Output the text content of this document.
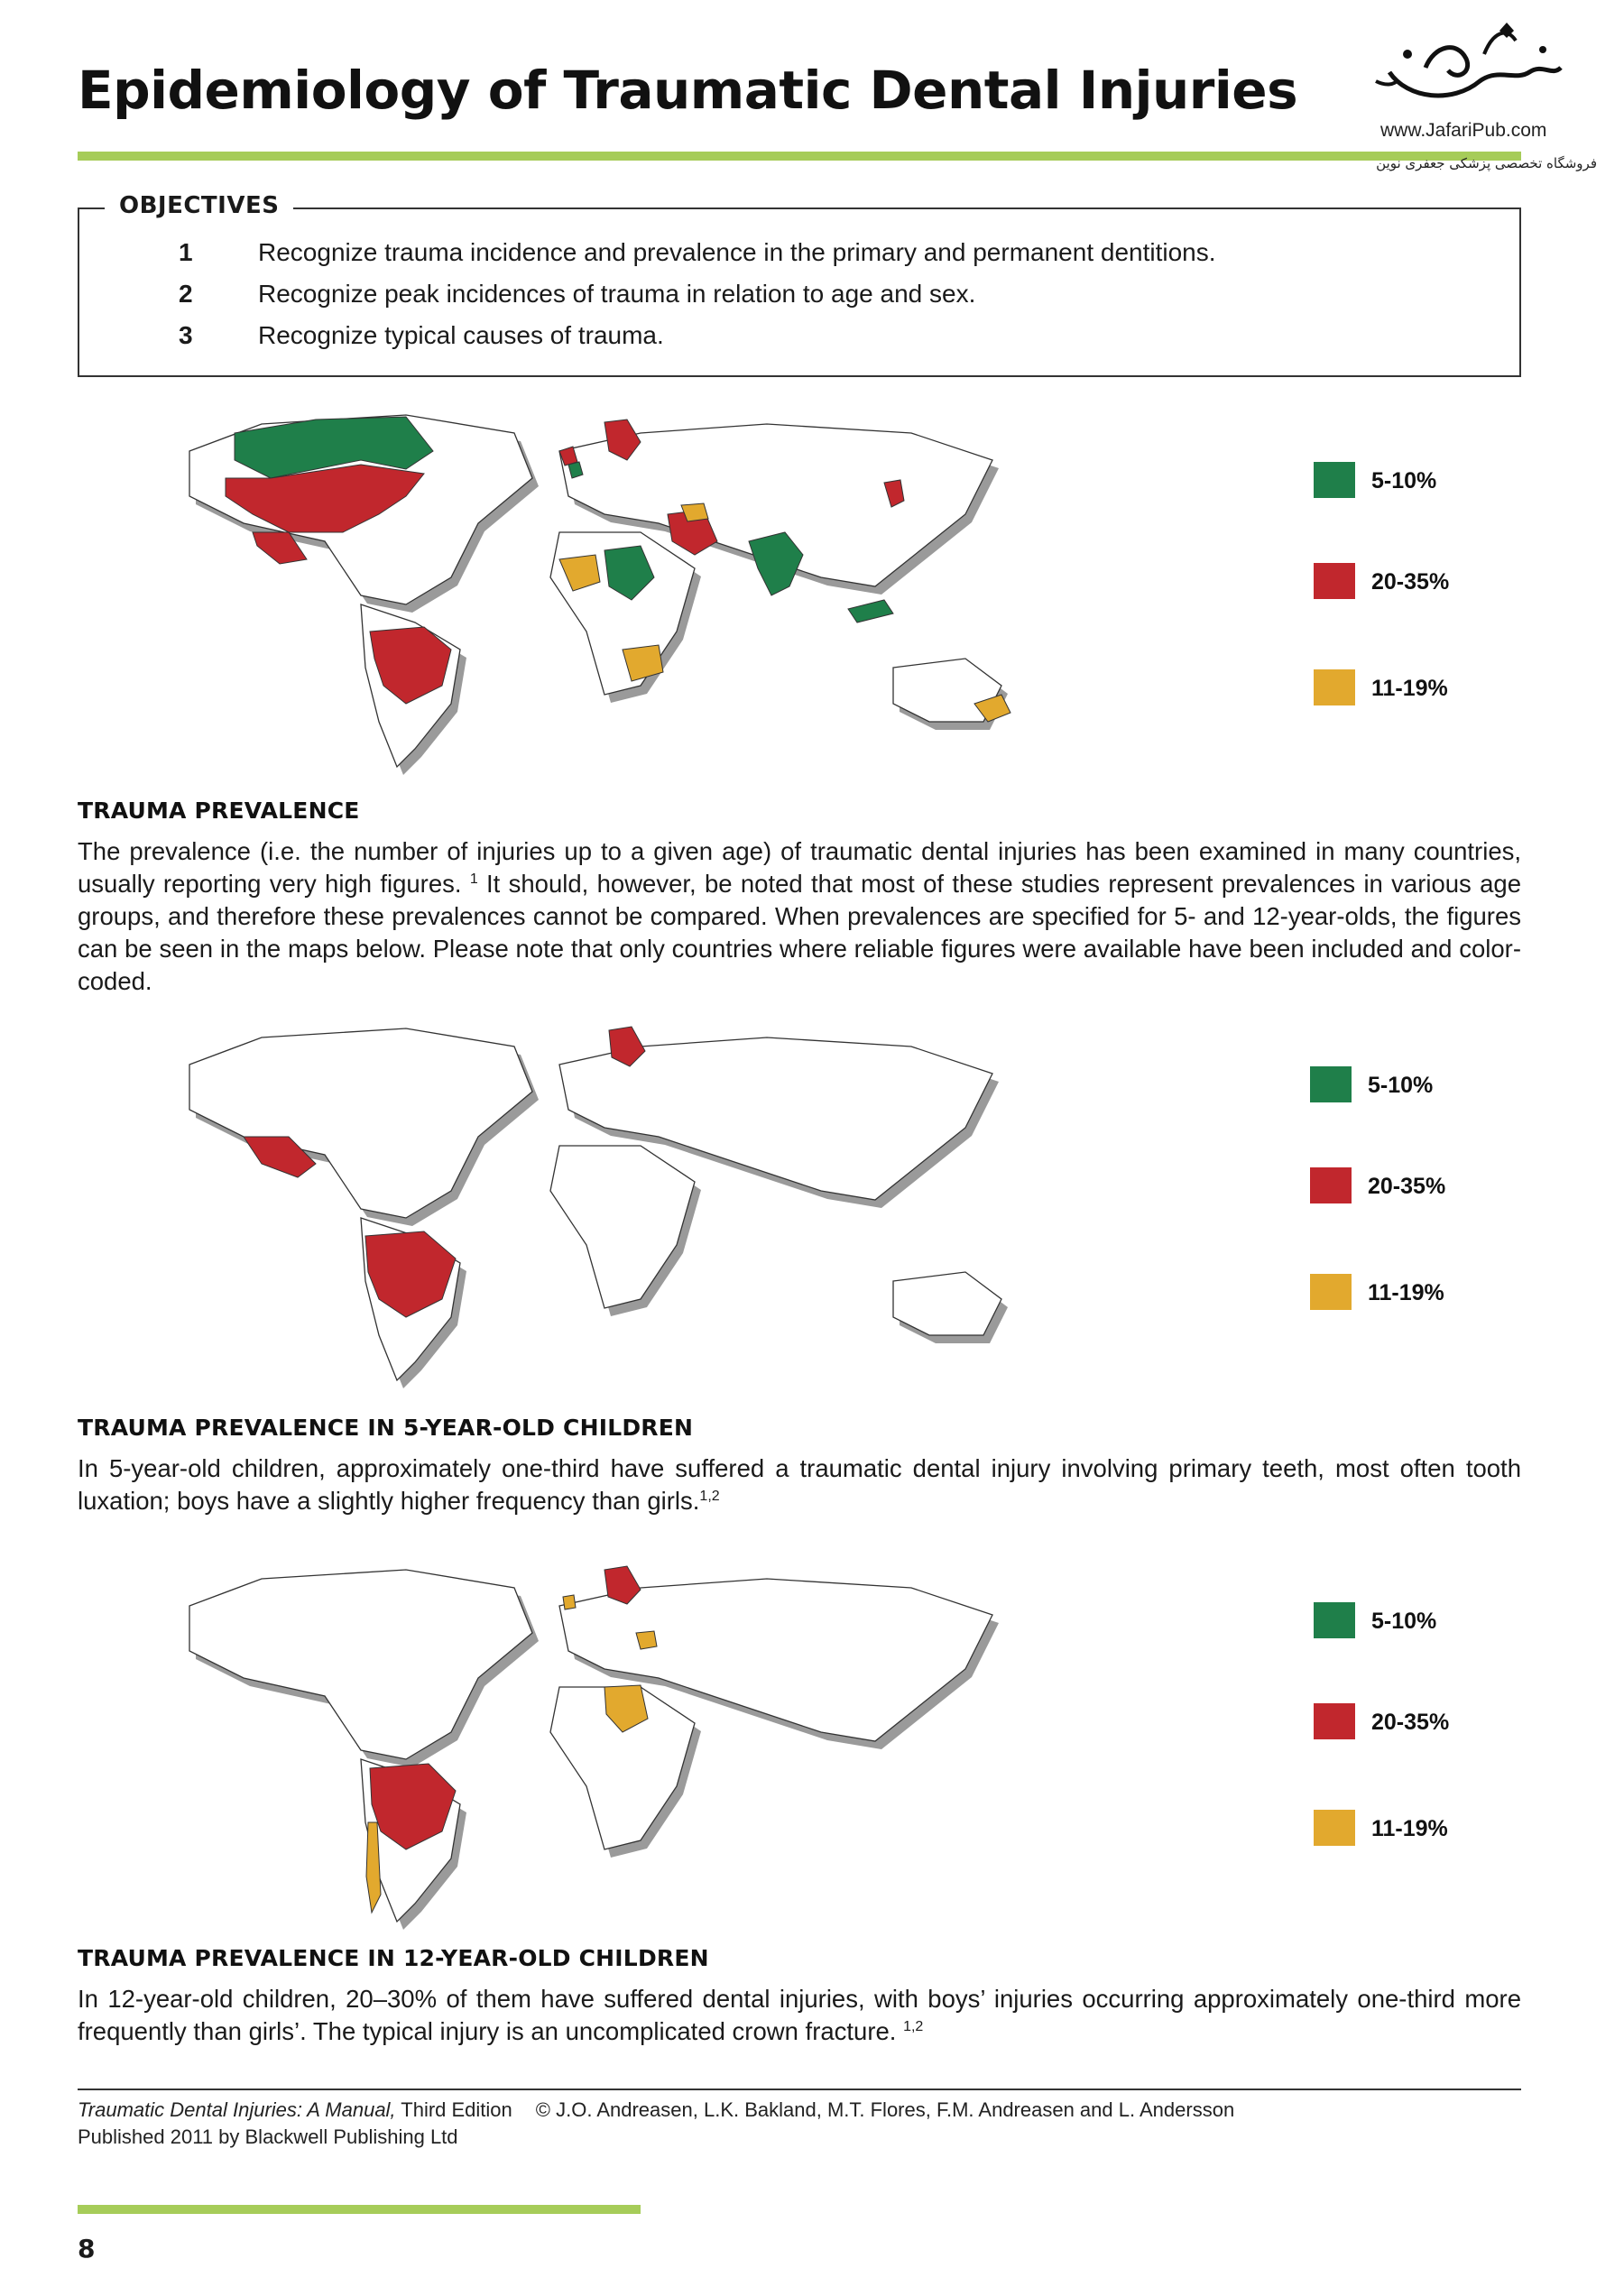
Epidemiology of Traumatic Dental Injuries
www.JafariPub.com
فروشگاه تخصصی پزشکی جعفری نوین
OBJECTIVES
1	Recognize trauma incidence and prevalence in the primary and permanent dentitions.
2	Recognize peak incidences of trauma in relation to age and sex.
3	Recognize typical causes of trauma.
5-10%
20-35%
11-19%
TRAUMA PREVALENCE
The prevalence (i.e. the number of injuries up to a given age) of traumatic dental injuries has been examined in many countries, usually reporting very high figures. $^1$ It should, however, be noted that most of these studies represent prevalences in various age groups, and therefore these prevalences cannot be compared. When prevalences are specified for 5- and 12-year-olds, the figures can be seen in the maps below. Please note that only countries where reliable figures were available have been included and color-coded.
5-10%
20-35%
11-19%
TRAUMA PREVALENCE IN 5-YEAR-OLD CHILDREN
In 5-year-old children, approximately one-third have suffered a traumatic dental injury involving primary teeth, most often tooth luxation; boys have a slightly higher frequency than girls.$^{1,2}$
5-10%
20-35%
11-19%
TRAUMA PREVALENCE IN 12-YEAR-OLD CHILDREN
In 12-year-old children, 20–30% of them have suffered dental injuries, with boys’ injuries occurring approximately one-third more frequently than girls’. The typical injury is an uncomplicated crown fracture. $^{1,2}$
Traumatic Dental Injuries: A Manual, Third Edition © J.O. Andreasen, L.K. Bakland, M.T. Flores, F.M. Andreasen and L. Andersson
Published 2011 by Blackwell Publishing Ltd
8
